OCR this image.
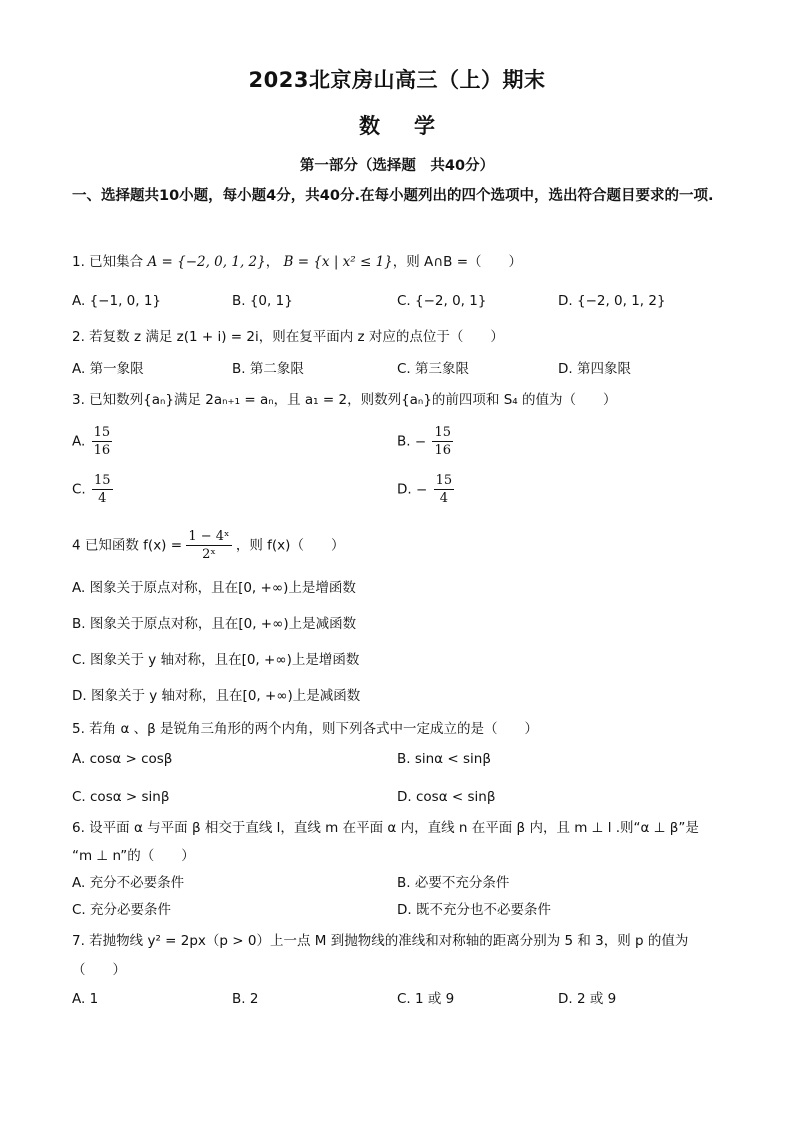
2023北京房山高三（上）期末
数学
第一部分（选择题　共40分）
一、选择题共10小题，每小题4分，共40分.在每小题列出的四个选项中，选出符合题目要求的一项.
1. 已知集合 A = {−2, 0, 1, 2}， B = {x | x² ≤ 1}，则 A∩B =（　　）
A. {−1, 0, 1}	B. {0, 1}	C. {−2, 0, 1}	D. {−2, 0, 1, 2}
2. 若复数 z 满足 z(1 + i) = 2i，则在复平面内 z 对应的点位于（　　）
A. 第一象限	B. 第二象限	C. 第三象限	D. 第四象限
3. 已知数列{aₙ}满足 2aₙ₊₁ = aₙ，且 a₁ = 2，则数列{aₙ}的前四项和 S₄ 的值为（　　）
A. $\frac{15}{16}$	B. − $\frac{15}{16}$
C. $\frac{15}{4}$	D. − $\frac{15}{4}$
4 已知函数 $f(x) = \frac{\text{1 − 4ˣ}}{\text{2ˣ}}$ ，则 f(x)（　　）
A. 图象关于原点对称，且在[0, +∞)上是增函数
B. 图象关于原点对称，且在[0, +∞)上是减函数
C. 图象关于 y 轴对称，且在[0, +∞)上是增函数
D. 图象关于 y 轴对称，且在[0, +∞)上是减函数
5. 若角 α 、β 是锐角三角形的两个内角，则下列各式中一定成立的是（　　）
A. cosα > cosβ	B. sinα < sinβ
C. cosα > sinβ	D. cosα < sinβ
6. 设平面 α 与平面 β 相交于直线 l，直线 m 在平面 α 内，直线 n 在平面 β 内，且 m ⊥ l .则“α ⊥ β”是
“m ⊥ n”的（　　）
A. 充分不必要条件	B. 必要不充分条件
C. 充分必要条件	D. 既不充分也不必要条件
7. 若抛物线 y² = 2px（p > 0）上一点 M 到抛物线的准线和对称轴的距离分别为 5 和 3，则 p 的值为
（　　）
A. 1	B. 2	C. 1 或 9	D. 2 或 9
